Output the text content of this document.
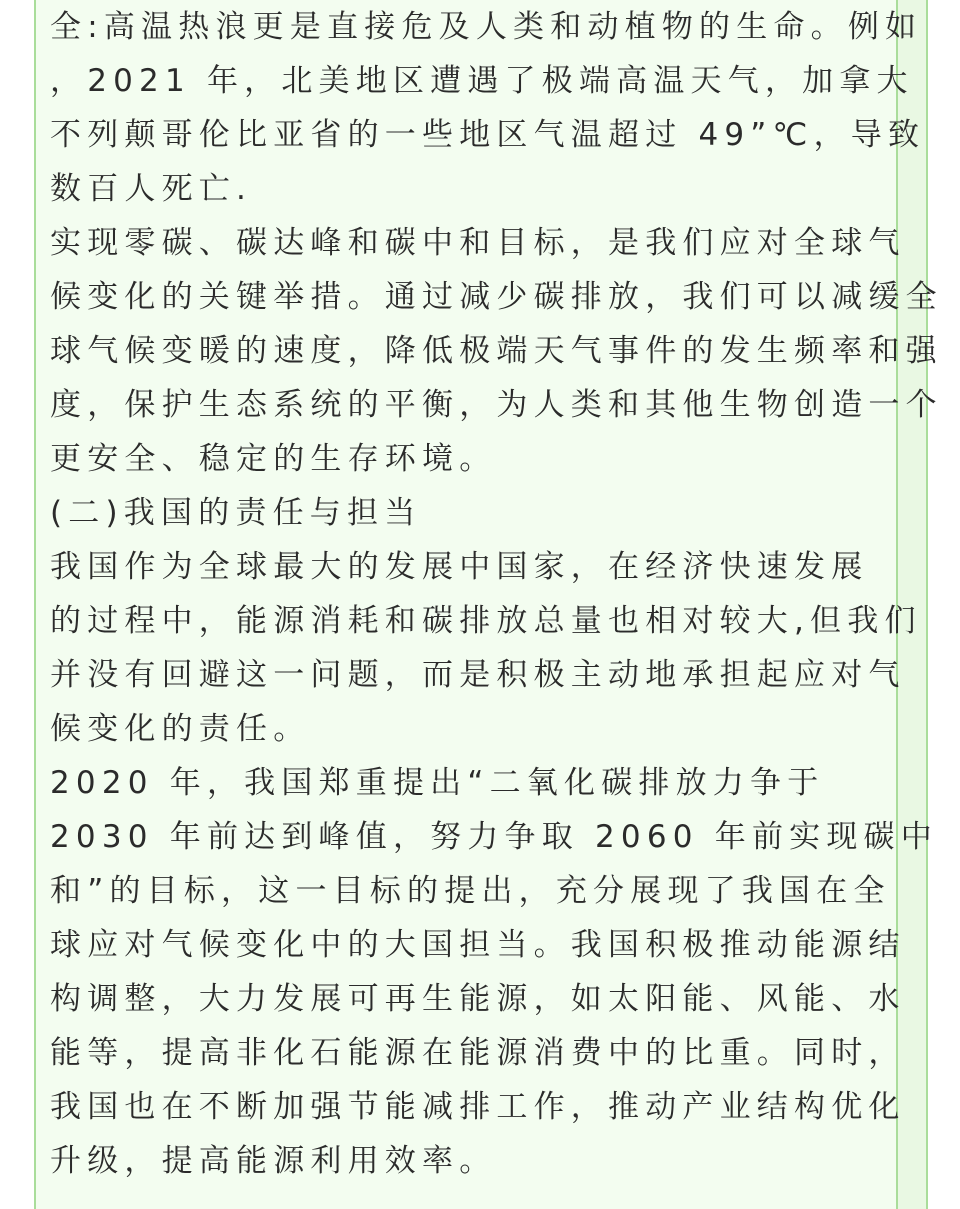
全:高温热浪更是直接危及人类和动植物的生命。例如
，2021 年，北美地区遭遇了极端高温天气，加拿大
不列颠哥伦比亚省的一些地区气温超过 49”℃，导致
数百人死亡.
实现零碳、碳达峰和碳中和目标，是我们应对全球气
候变化的关键举措。通过减少碳排放，我们可以减缓全
球气候变暖的速度，降低极端天气事件的发生频率和强
度，保护生态系统的平衡，为人类和其他生物创造一个
更安全、稳定的生存环境。
(二)我国的责任与担当
我国作为全球最大的发展中国家，在经济快速发展
的过程中，能源消耗和碳排放总量也相对较大,但我们
并没有回避这一问题，而是积极主动地承担起应对气
候变化的责任。
2020 年，我国郑重提出“二氧化碳排放力争于
2030 年前达到峰值，努力争取 2060 年前实现碳中
和”的目标，这一目标的提出，充分展现了我国在全
球应对气候变化中的大国担当。我国积极推动能源结
构调整，大力发展可再生能源，如太阳能、风能、水
能等，提高非化石能源在能源消费中的比重。同时，
我国也在不断加强节能减排工作，推动产业结构优化
升级，提高能源利用效率。
